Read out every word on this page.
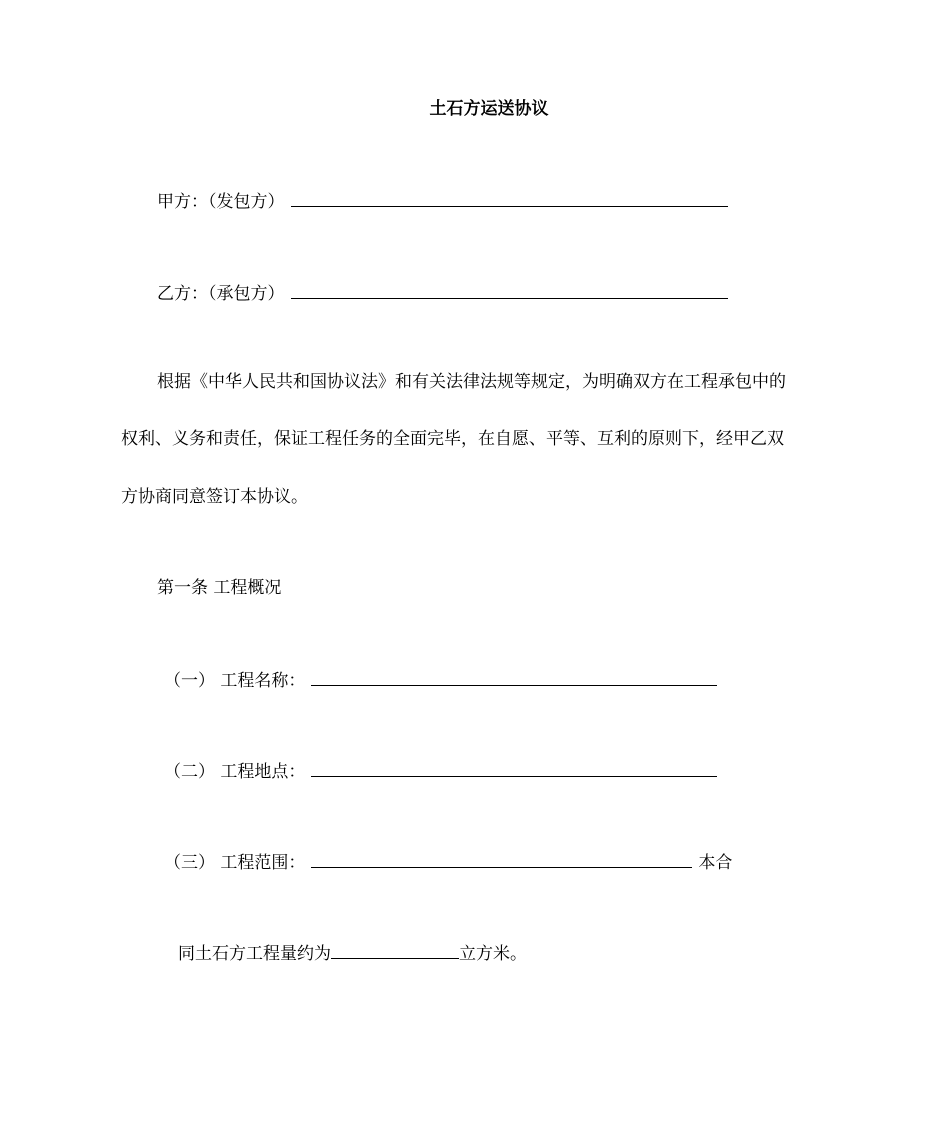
土石方运送协议
甲方：（发包方）
乙方：（承包方）
根据《中华人民共和国协议法》和有关法律法规等规定，为明确双方在工程承包中的
权利、义务和责任，保证工程任务的全面完毕，在自愿、平等、互利的原则下，经甲乙双
方协商同意签订本协议。
第一条 工程概况
（一） 工程名称：
（二） 工程地点：
（三） 工程范围：	本合
同土石方工程量约为	立方米。
